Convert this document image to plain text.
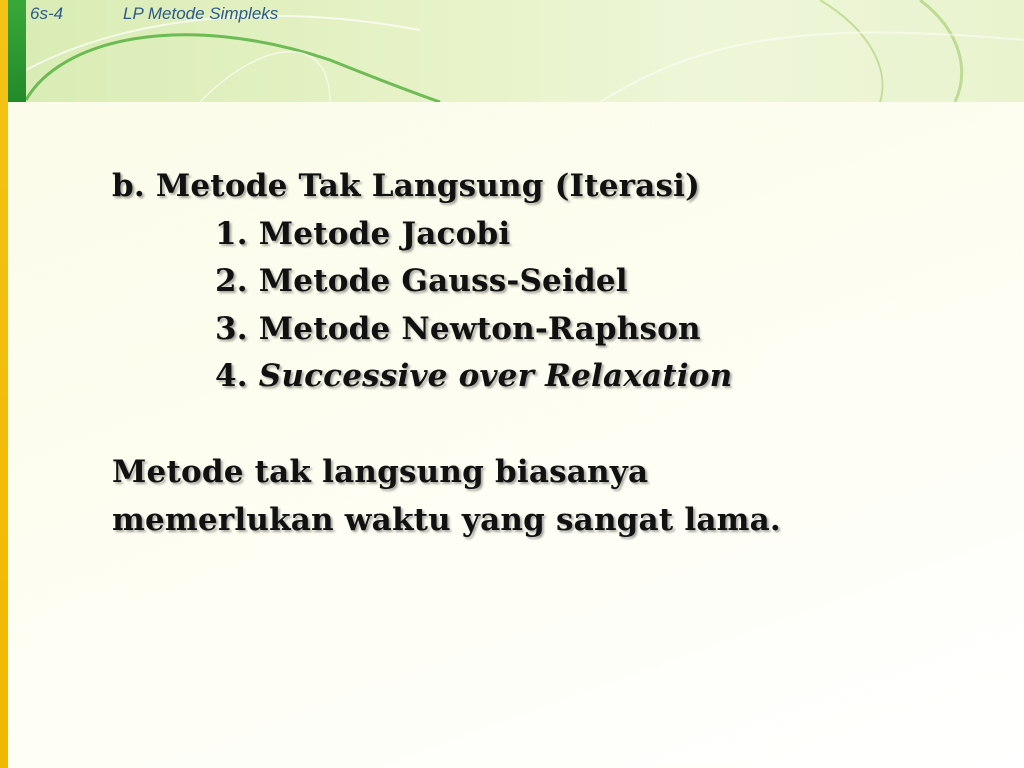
6s-4	LP Metode Simpleks
b. Metode Tak Langsung (Iterasi)
1. Metode Jacobi
2. Metode Gauss-Seidel
3. Metode Newton-Raphson
4. Successive over Relaxation
Metode tak langsung biasanya
memerlukan waktu yang sangat lama.
